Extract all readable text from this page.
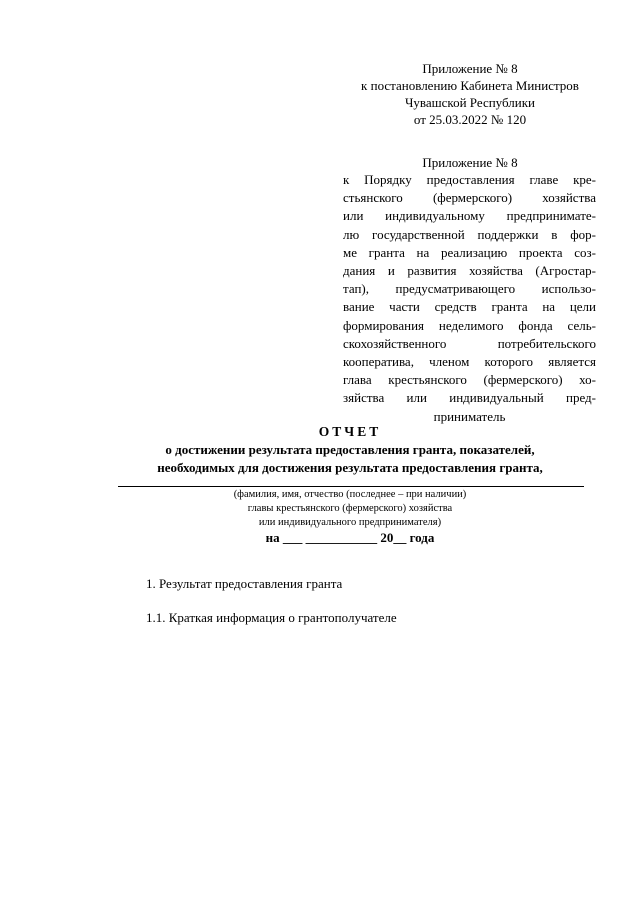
Приложение № 8
к постановлению Кабинета Министров
Чувашской Республики
от 25.03.2022 № 120
Приложение № 8
к Порядку предоставления главе кре-
стьянского (фермерского) хозяйства
или индивидуальному предпринимате-
лю государственной поддержки в фор-
ме гранта на реализацию проекта соз-
дания и развития хозяйства (Агростар-
тап), предусматривающего использо-
вание части средств гранта на цели
формирования неделимого фонда сель-
скохозяйственного потребительского
кооператива, членом которого является
глава крестьянского (фермерского) хо-
зяйства или индивидуальный пред-
приниматель
ОТЧЕТ
о достижении результата предоставления гранта, показателей,
необходимых для достижения результата предоставления гранта,
(фамилия, имя, отчество (последнее – при наличии)
главы крестьянского (фермерского) хозяйства
или индивидуального предпринимателя)
на ___ ___________ 20__ года
1. Результат предоставления гранта
1.1. Краткая информация о грантополучателе
